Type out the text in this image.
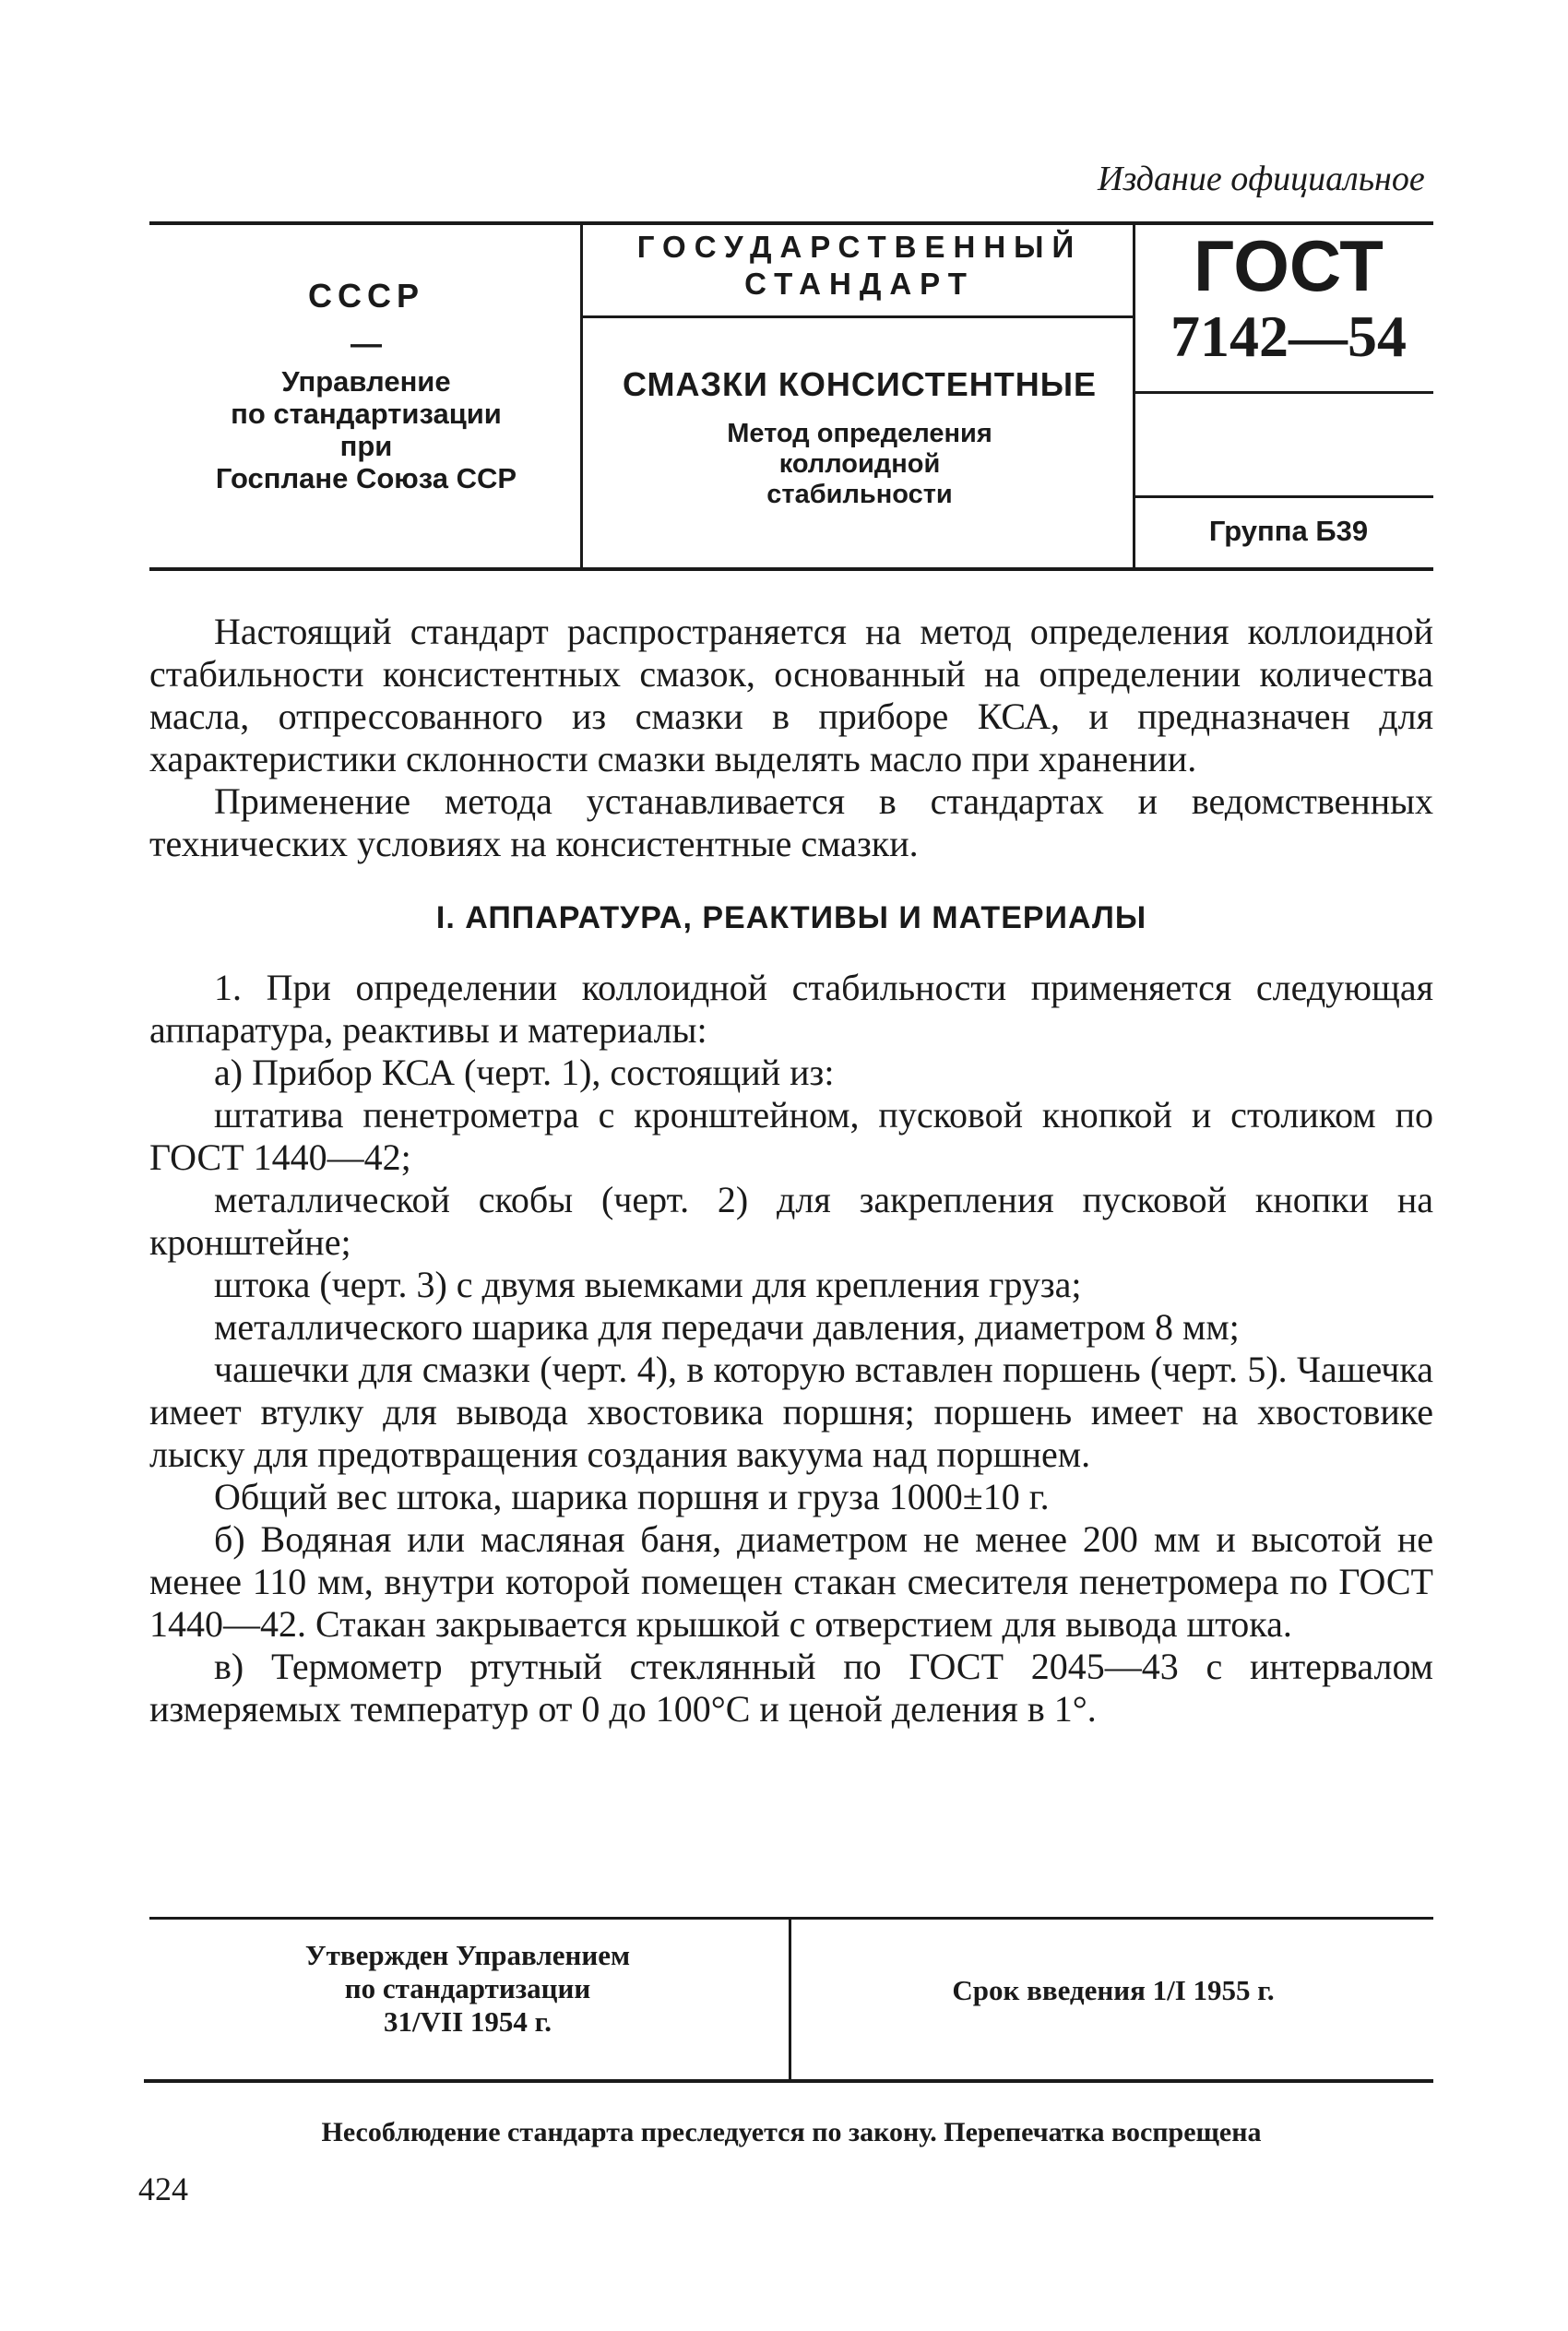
Издание официальное
СССР
—
Управление
по стандартизации
при
Госплане Союза ССР
ГОСУДАРСТВЕННЫЙ
СТАНДАРТ
СМАЗКИ КОНСИСТЕНТНЫЕ
Метод определения
коллоидной
стабильности
ГОСТ
7142—54
Группа Б39

Настоящий стандарт распространяется на метод определения коллоидной стабильности консистентных смазок, основанный на определении количества масла, отпрессованного из смазки в приборе КСА, и предназначен для характеристики склонности смазки выделять масло при хранении.

Применение метода устанавливается в стандартах и ведомственных технических условиях на консистентные смазки.

I. АППАРАТУРА, РЕАКТИВЫ И МАТЕРИАЛЫ

1. При определении коллоидной стабильности применяется следующая аппаратура, реактивы и материалы:

а) Прибор КСА (черт. 1), состоящий из:

штатива пенетрометра с кронштейном, пусковой кнопкой и столиком по ГОСТ 1440—42;

металлической скобы (черт. 2) для закрепления пусковой кнопки на кронштейне;

штока (черт. 3) с двумя выемками для крепления груза;

металлического шарика для передачи давления, диаметром 8 мм;

чашечки для смазки (черт. 4), в которую вставлен поршень (черт. 5). Чашечка имеет втулку для вывода хвостовика поршня; поршень имеет на хвостовике лыску для предотвращения создания вакуума над поршнем.

Общий вес штока, шарика поршня и груза 1000±10 г.

б) Водяная или масляная баня, диаметром не менее 200 мм и высотой не менее 110 мм, внутри которой помещен стакан смесителя пенетромера по ГОСТ 1440—42. Стакан закрывается крышкой с отверстием для вывода штока.

в) Термометр ртутный стеклянный по ГОСТ 2045—43 с интервалом измеряемых температур от 0 до 100°С и ценой деления в 1°.

Утвержден Управлением
по стандартизации
31/VII 1954 г.
Срок введения 1/I 1955 г.
Несоблюдение стандарта преследуется по закону. Перепечатка воспрещена
424
